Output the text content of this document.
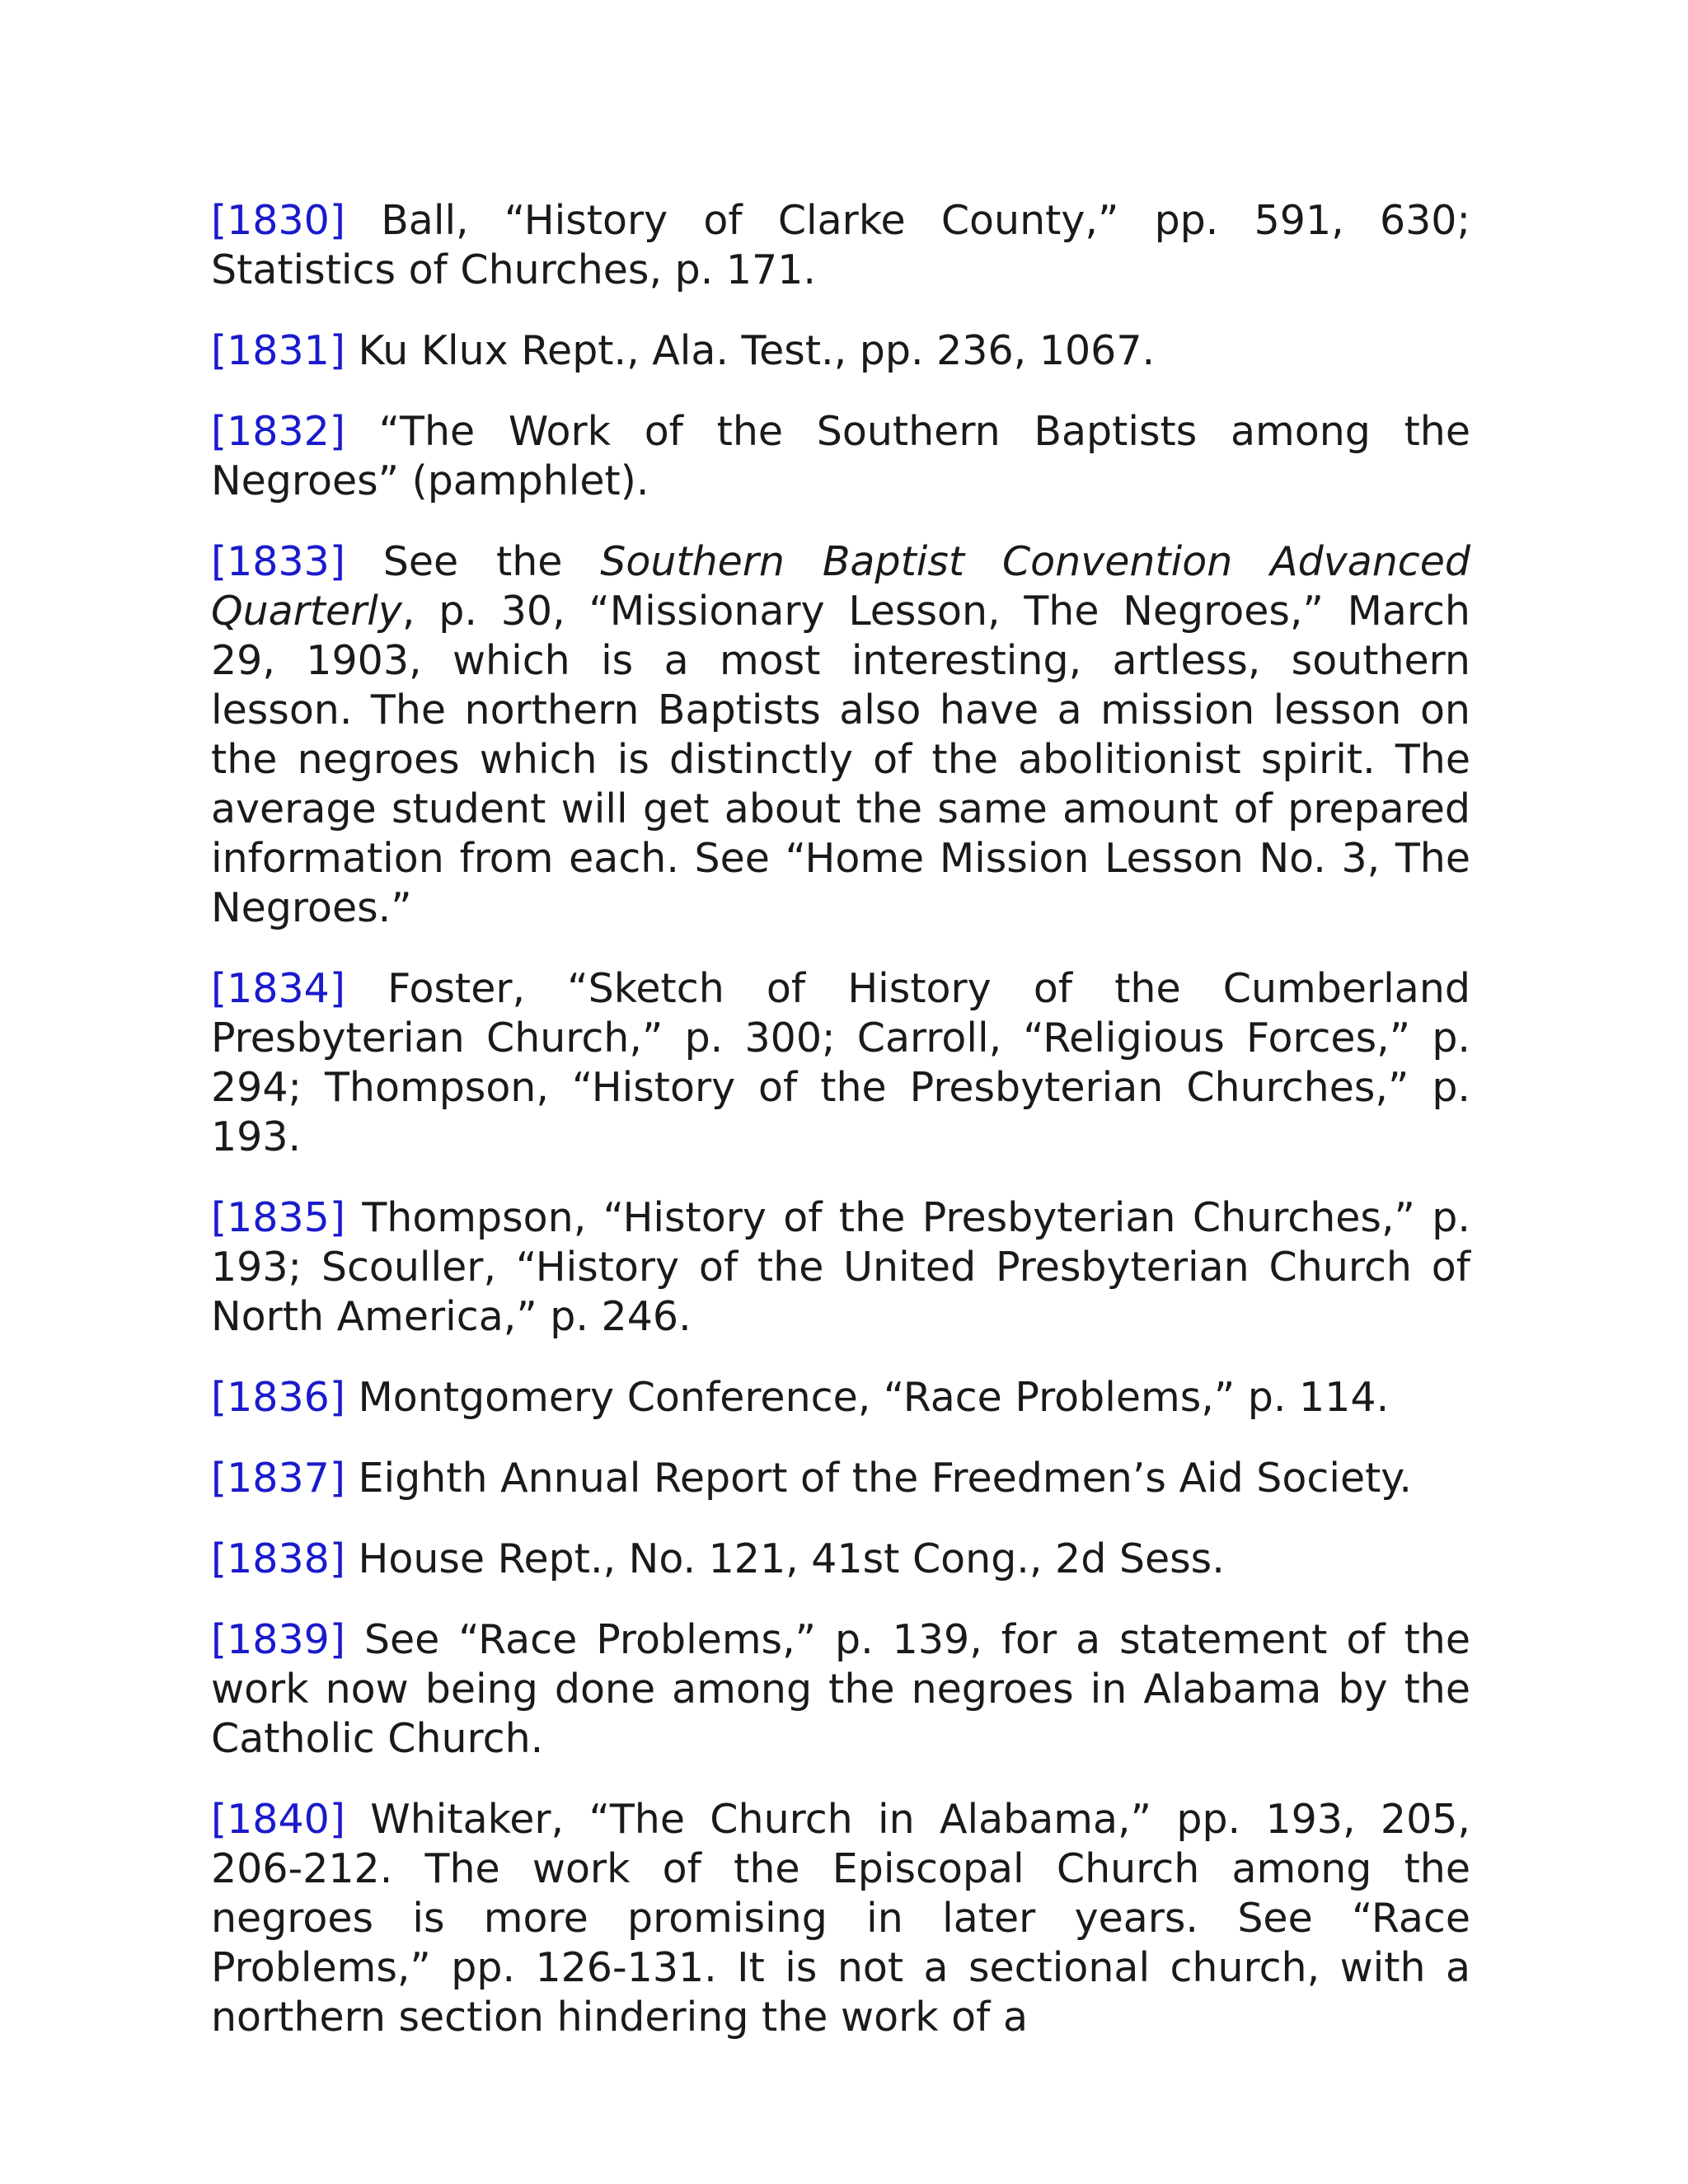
[1830] Ball, “History of Clarke County,” pp. 591, 630; Statistics of Churches, p. 171.

[1831] Ku Klux Rept., Ala. Test., pp. 236, 1067.

[1832] “The Work of the Southern Baptists among the Negroes” (pamphlet).

[1833] See the Southern Baptist Convention Advanced Quarterly, p. 30, “Missionary Lesson, The Negroes,” March 29, 1903, which is a most interesting, artless, southern lesson. The northern Baptists also have a mission lesson on the negroes which is distinctly of the abolitionist spirit. The average student will get about the same amount of prepared information from each. See “Home Mission Lesson No. 3, The Negroes.”

[1834] Foster, “Sketch of History of the Cumberland Presbyterian Church,” p. 300; Carroll, “Religious Forces,” p. 294; Thompson, “History of the Presbyterian Churches,” p. 193.

[1835] Thompson, “History of the Presbyterian Churches,” p. 193; Scouller, “History of the United Presbyterian Church of North America,” p. 246.

[1836] Montgomery Conference, “Race Problems,” p. 114.

[1837] Eighth Annual Report of the Freedmen’s Aid Society.

[1838] House Rept., No. 121, 41st Cong., 2d Sess.

[1839] See “Race Problems,” p. 139, for a statement of the work now being done among the negroes in Alabama by the Catholic Church.

[1840] Whitaker, “The Church in Alabama,” pp. 193, 205, 206-212. The work of the Episcopal Church among the negroes is more promising in later years. See “Race Problems,” pp. 126-131. It is not a sectional church, with a northern section hindering the work of a
